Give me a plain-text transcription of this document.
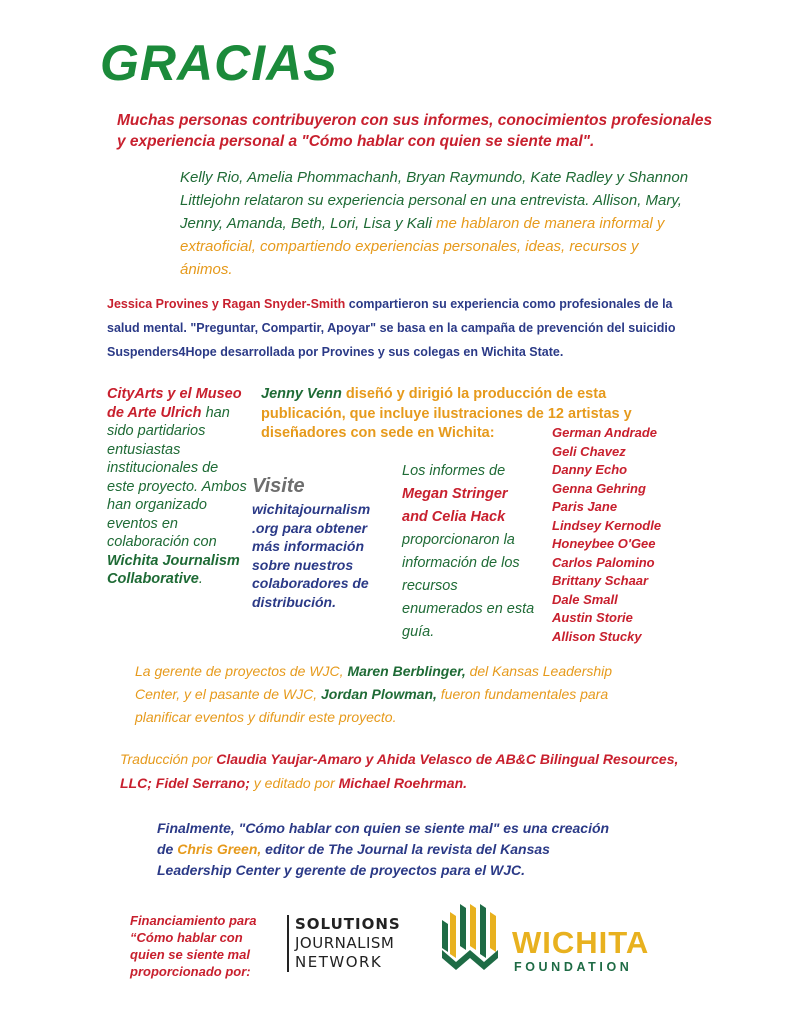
GRACIAS
Muchas personas contribuyeron con sus informes, conocimientos profesionales y experiencia personal a "Cómo hablar con quien se siente mal".
Kelly Rio, Amelia Phommachanh, Bryan Raymundo, Kate Radley y Shannon Littlejohn relataron su experiencia personal en una entrevista. Allison, Mary, Jenny, Amanda, Beth, Lori, Lisa y Kali me hablaron de manera informal y extraoficial, compartiendo experiencias personales, ideas, recursos y ánimos.
Jessica Provines y Ragan Snyder-Smith compartieron su experiencia como profesionales de la salud mental. "Preguntar, Compartir, Apoyar" se basa en la campaña de prevención del suicidio Suspenders4Hope desarrollada por Provines y sus colegas en Wichita State.
CityArts y el Museo de Arte Ulrich han sido partidarios entusiastas institucionales de este proyecto. Ambos han organizado eventos en colaboración con Wichita Journalism Collaborative.
Jenny Venn diseñó y dirigió la producción de esta publicación, que incluye ilustraciones de 12 artistas y diseñadores con sede en Wichita:
Visite
wichitajournalism .org para obtener más información sobre nuestros colaboradores de distribución.
Los informes de Megan Stringer and Celia Hack proporcionaron la información de los recursos enumerados en esta guía.
German Andrade
Geli Chavez
Danny Echo
Genna Gehring
Paris Jane
Lindsey Kernodle
Honeybee O'Gee
Carlos Palomino
Brittany Schaar
Dale Small
Austin Storie
Allison Stucky
La gerente de proyectos de WJC, Maren Berblinger, del Kansas Leadership Center, y el pasante de WJC, Jordan Plowman, fueron fundamentales para planificar eventos y difundir este proyecto.
Traducción por Claudia Yaujar-Amaro y Ahida Velasco de AB&C Bilingual Resources, LLC; Fidel Serrano; y editado por Michael Roehrman.
Finalmente, "Cómo hablar con quien se siente mal" es una creación de Chris Green, editor de The Journal la revista del Kansas Leadership Center y gerente de proyectos para el WJC.
Financiamiento para “Cómo hablar con quien se siente mal proporcionado por:
SOLUTIONS
JOURNALISM
NETWORK
WICHITA
FOUNDATION
